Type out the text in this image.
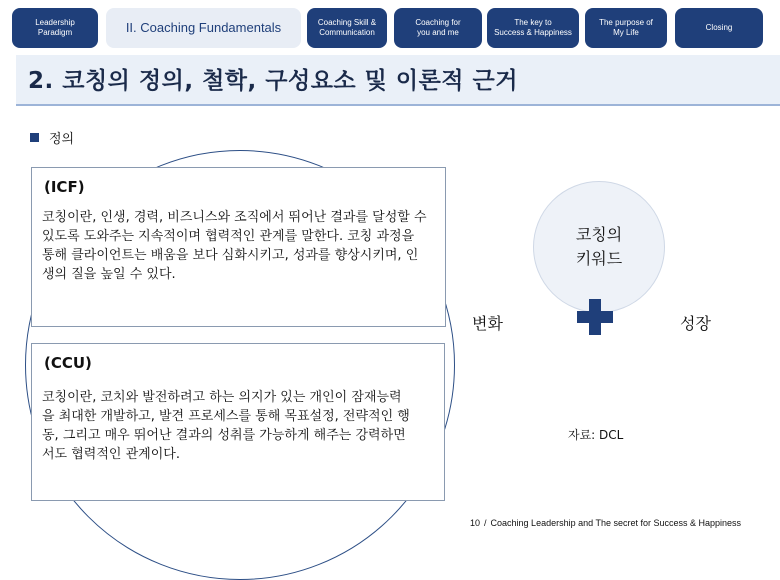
Leadership
Paradigm	II. Coaching Fundamentals	Coaching Skill &
Communication
Coaching for
you and me
The key to
Success & Happiness
The purpose of
My Life
Closing
2. 코칭의 정의, 철학, 구성요소 및 이론적 근거
정의
(ICF)
코칭이란, 인생, 경력, 비즈니스와 조직에서 뛰어난 결과를 달성할 수 있도록 도와주는 지속적이며 협력적인 관계를 말한다. 코칭 과정을 통해 클라이언트는 배움을 보다 심화시키고, 성과를 향상시키며, 인생의 질을 높일 수 있다.
(CCU)
코칭이란, 코치와 발전하려고 하는 의지가 있는 개인이 잠재능력을 최대한 개발하고, 발견 프로세스를 통해 목표설정, 전략적인 행동, 그리고 매우 뛰어난 결과의 성취를 가능하게 해주는 강력하면서도 협력적인 관계이다.
코칭의
키워드
변화	성장
자료: DCL
10 / Coaching Leadership and The secret for Success & Happiness
